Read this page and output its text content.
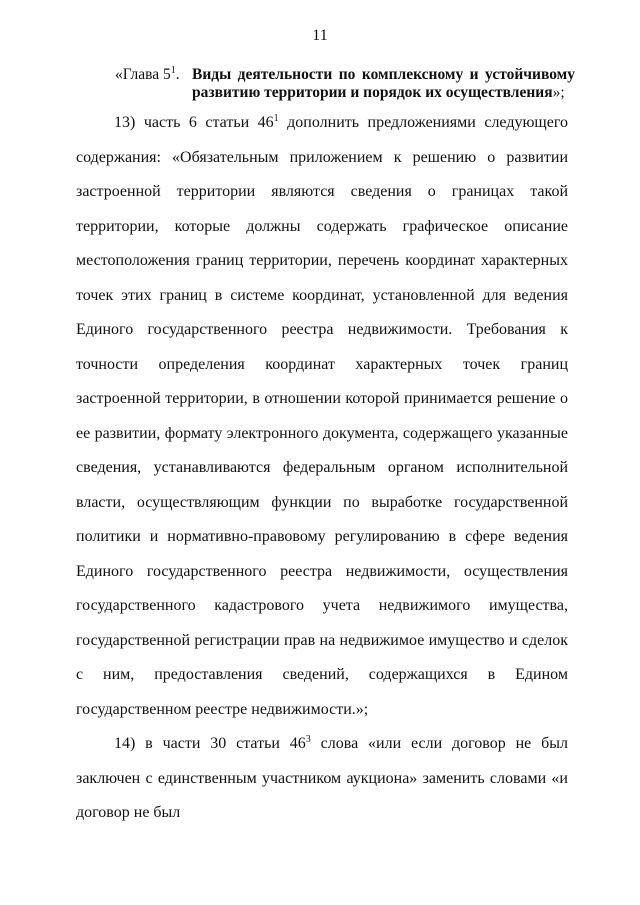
11
«Глава $5^1$. Виды деятельности по комплексному и устойчивому развитию территории и порядок их осуществления»;

13) часть 6 статьи $46^1$ дополнить предложениями следующего содержания: «Обязательным приложением к решению о развитии застроенной территории являются сведения о границах такой территории, которые должны содержать графическое описание местоположения границ территории, перечень координат характерных точек этих границ в системе координат, установленной для ведения Единого государственного реестра недвижимости. Требования к точности определения координат характерных точек границ застроенной территории, в отношении которой принимается решение о ее развитии, формату электронного документа, содержащего указанные сведения, устанавливаются федеральным органом исполнительной власти, осуществляющим функции по выработке государственной политики и нормативно-правовому регулированию в сфере ведения Единого государственного реестра недвижимости, осуществления государственного кадастрового учета недвижимого имущества, государственной регистрации прав на недвижимое имущество и сделок с ним, предоставления сведений, содержащихся в Едином государственном реестре недвижимости.»;

14) в части 30 статьи $46^3$ слова «или если договор не был заключен с единственным участником аукциона» заменить словами «и договор не был
